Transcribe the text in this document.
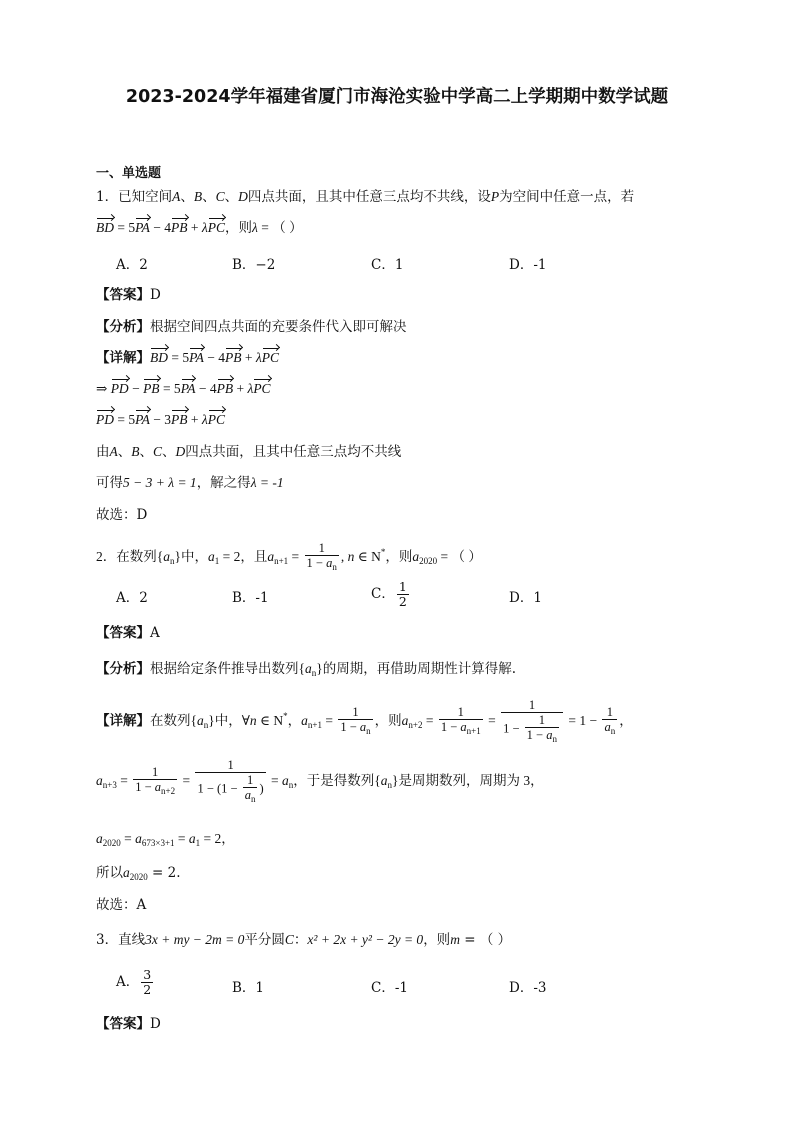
2023-2024学年福建省厦门市海沧实验中学高二上学期期中数学试题
一、单选题
1．已知空间A、B、C、D四点共面，且其中任意三点均不共线，设P为空间中任意一点，若
BD = 5PA − 4PB + λPC，则λ = （ ）
A．2	B．−2	C．1	D．-1
【答案】D
【分析】根据空间四点共面的充要条件代入即可解决
【详解】BD = 5PA − 4PB + λPC
⇒ PD − PB = 5PA − 4PB + λPC
PD = 5PA − 3PB + λPC
由A、B、C、D四点共面，且其中任意三点均不共线
可得5 − 3 + λ = 1，解之得λ = -1
故选：D
2．在数列$\{a_n\}$中，$a_1 = 2$，且$a_{n+1} = \frac{1}{1 - a_n}$ , n ∈ N*，则$a_{2020}$ = （ ）
A．2	B．-1	C． $\frac{1}{2}$	D．1
【答案】A
【分析】根据给定条件推导出数列$\{a_n\}$的周期，再借助周期性计算得解.
【详解】在数列$\{a_n\}$中，∀n ∈ N*，$a_{n+1} = \frac{1}{1 - a_n}$ ，则$a_{n+2} = \frac{1}{1 - a_{n+1}} = \frac{1}{1 - \frac{1}{1 - a_n}} = 1 - \frac{1}{a_n}$ ，
$a_{n+3} = \frac{1}{1 - a_{n+2}} = \frac{1}{1 - (1 - \frac{1}{a_n} )} = a_n$，于是得数列$\{a_n\}$是周期数列，周期为 3，
$a_{2020} = a_{673\times 3+1} = a_1 = 2$，
所以$a_{2020} = 2$.
故选：A
3．直线3x + my − 2m = 0平分圆C：x² + 2x + y² − 2y = 0，则m = （ ）
A． $\frac{3}{2}$	B．1	C．-1	D．-3
【答案】D
